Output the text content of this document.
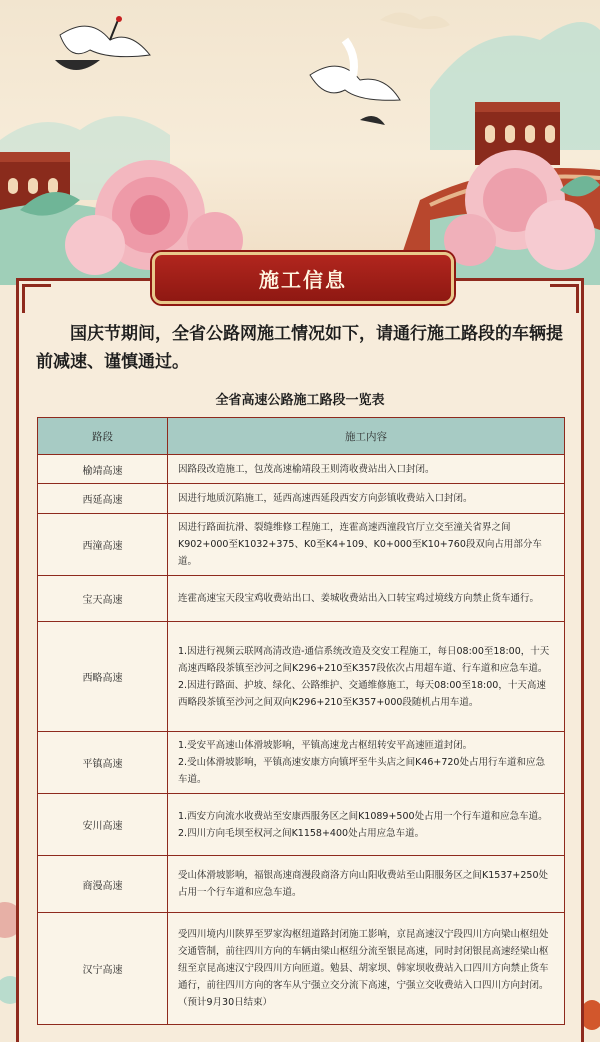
施工信息

国庆节期间，全省公路网施工情况如下，请通行施工路段的车辆提前减速、谨慎通过。

全省高速公路施工路段一览表
路段	施工内容
榆靖高速	因路段改造施工，包茂高速榆靖段王则湾收费站出入口封闭。

西延高速	因进行地质沉陷施工，延西高速西延段西安方向彭镇收费站入口封闭。

西潼高速	因进行路面抗滑、裂缝维修工程施工，连霍高速西潼段官厅立交至潼关省界之间K902+000至K1032+375、K0至K4+109、K0+000至K10+760段双向占用部分车道。

宝天高速	连霍高速宝天段宝鸡收费站出口、姜城收费站出入口转宝鸡过境线方向禁止货车通行。

西略高速	1.因进行视频云联网高清改造-通信系统改造及交安工程施工，每日08:00至18:00，十天高速西略段茶镇至沙河之间K296+210至K357段依次占用超车道、行车道和应急车道。

2.因进行路面、护坡、绿化、公路维护、交通维修施工，每天08:00至18:00，十天高速西略段茶镇至沙河之间双向K296+210至K357+000段随机占用车道。

平镇高速	1.受安平高速山体滑坡影响，平镇高速龙古枢纽转安平高速匝道封闭。

2.受山体滑坡影响，平镇高速安康方向镇坪至牛头店之间K46+720处占用行车道和应急车道。

安川高速	1.西安方向流水收费站至安康西服务区之间K1089+500处占用一个行车道和应急车道。

2.四川方向毛坝至权河之间K1158+400处占用应急车道。

商漫高速	受山体滑坡影响，福银高速商漫段商洛方向山阳收费站至山阳服务区之间K1537+250处占用一个行车道和应急车道。

汉宁高速	受四川境内川陕界至罗家沟枢纽道路封闭施工影响，京昆高速汉宁段四川方向梁山枢纽处交通管制，前往四川方向的车辆由梁山枢纽分流至银昆高速，同时封闭银昆高速经梁山枢纽至京昆高速汉宁段四川方向匝道。勉县、胡家坝、韩家坝收费站入口四川方向禁止货车通行，前往四川方向的客车从宁强立交分流下高速，宁强立交收费站入口四川方向封闭。（预计9月30日结束）
